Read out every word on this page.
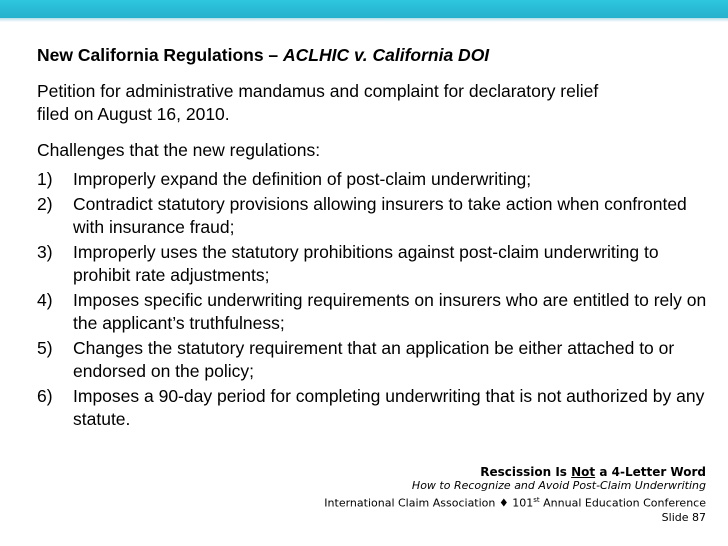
New California Regulations – ACLHIC v. California DOI
Petition for administrative mandamus and complaint for declaratory relief
filed on August 16, 2010.
Challenges that the new regulations:
1)	Improperly expand the definition of post-claim underwriting;
2)	Contradict statutory provisions allowing insurers to take action when confronted with insurance fraud;
3)	Improperly uses the statutory prohibitions against post-claim underwriting to prohibit rate adjustments;
4)	Imposes specific underwriting requirements on insurers who are entitled to rely on the applicant’s truthfulness;
5)	Changes the statutory requirement that an application be either attached to or endorsed on the policy;
6)	Imposes a 90-day period for completing underwriting that is not authorized by any statute.
Rescission Is Not a 4-Letter Word
How to Recognize and Avoid Post-Claim Underwriting
International Claim Association ♦ 101st Annual Education Conference
Slide 87
